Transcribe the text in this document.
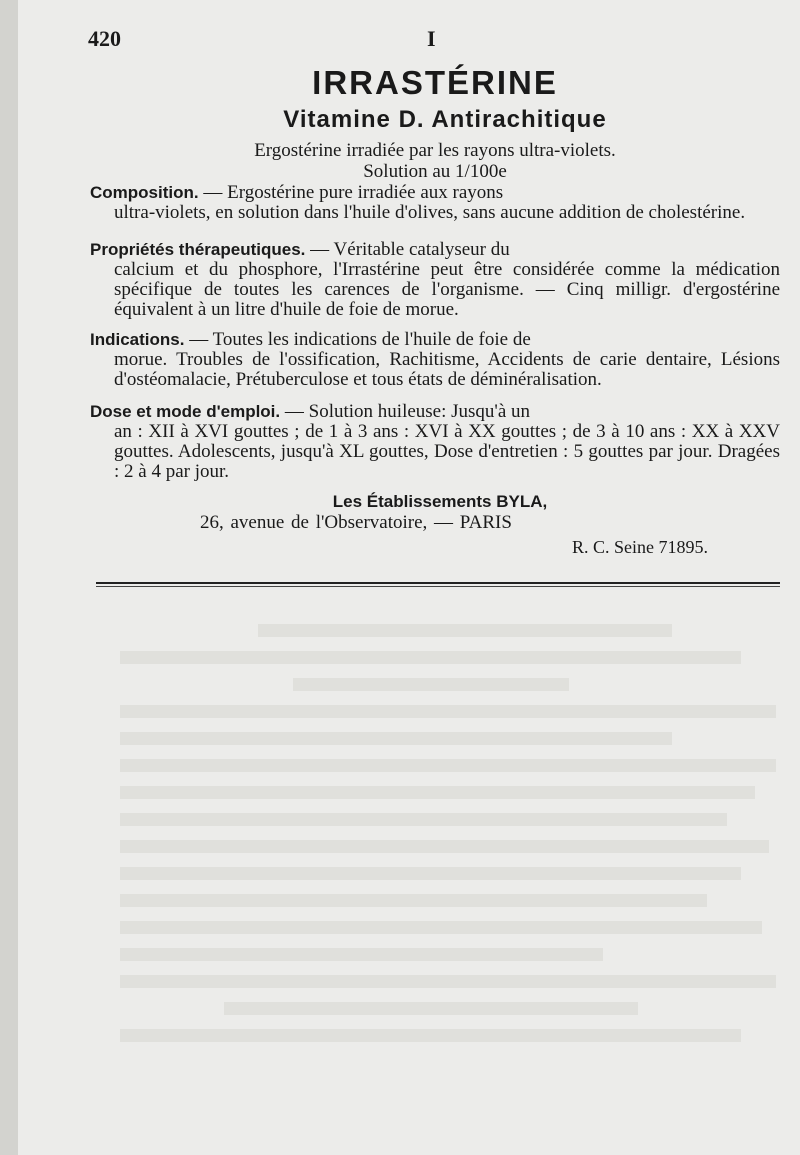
420	I
IRRASTÉRINE
Vitamine D. Antirachitique
Ergostérine irradiée par les rayons ultra-violets.
Solution au 1/100e
Composition. — Ergostérine pure irradiée aux rayons
ultra-violets, en solution dans l'huile d'olives, sans aucune addition de cholestérine.
Propriétés thérapeutiques. — Véritable catalyseur du
calcium et du phosphore, l'Irrastérine peut être considérée comme la médication spécifique de toutes les carences de l'organisme. — Cinq milligr. d'ergostérine équivalent à un litre d'huile de foie de morue.
Indications. — Toutes les indications de l'huile de foie de
morue. Troubles de l'ossification, Rachitisme, Accidents de carie dentaire, Lésions d'ostéomalacie, Prétuberculose et tous états de déminéralisation.
Dose et mode d'emploi. — Solution huileuse: Jusqu'à un
an : XII à XVI gouttes ; de 1 à 3 ans : XVI à XX gouttes ; de 3 à 10 ans : XX à XXV gouttes. Adolescents, jusqu'à XL gouttes, Dose d'entretien : 5 gouttes par jour. Dragées : 2 à 4 par jour.
Les Établissements BYLA,
26, avenue de l'Observatoire, — PARIS
R. C. Seine 71895.
